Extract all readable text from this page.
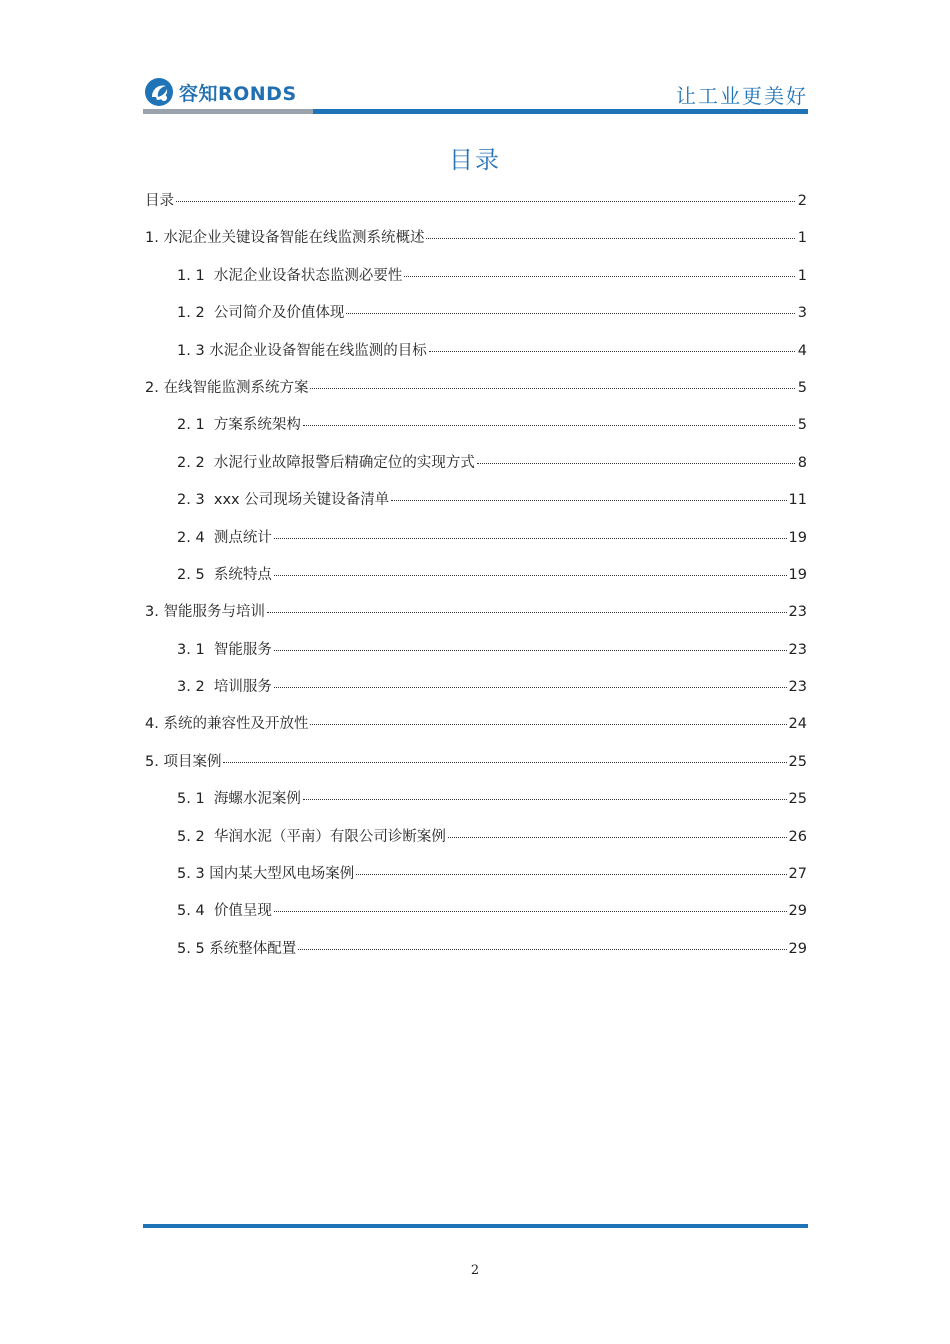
容知RONDS	让工业更美好
目录
目录	2
1. 水泥企业关键设备智能在线监测系统概述	1
1. 1  水泥企业设备状态监测必要性	1
1. 2  公司简介及价值体现	3
1. 3 水泥企业设备智能在线监测的目标	4
2. 在线智能监测系统方案	5
2. 1  方案系统架构	5
2. 2  水泥行业故障报警后精确定位的实现方式	8
2. 3  xxx 公司现场关键设备清单	11
2. 4  测点统计	19
2. 5  系统特点	19
3. 智能服务与培训	23
3. 1  智能服务	23
3. 2  培训服务	23
4. 系统的兼容性及开放性	24
5. 项目案例	25
5. 1  海螺水泥案例	25
5. 2  华润水泥（平南）有限公司诊断案例	26
5. 3 国内某大型风电场案例	27
5. 4  价值呈现	29
5. 5 系统整体配置	29
2
